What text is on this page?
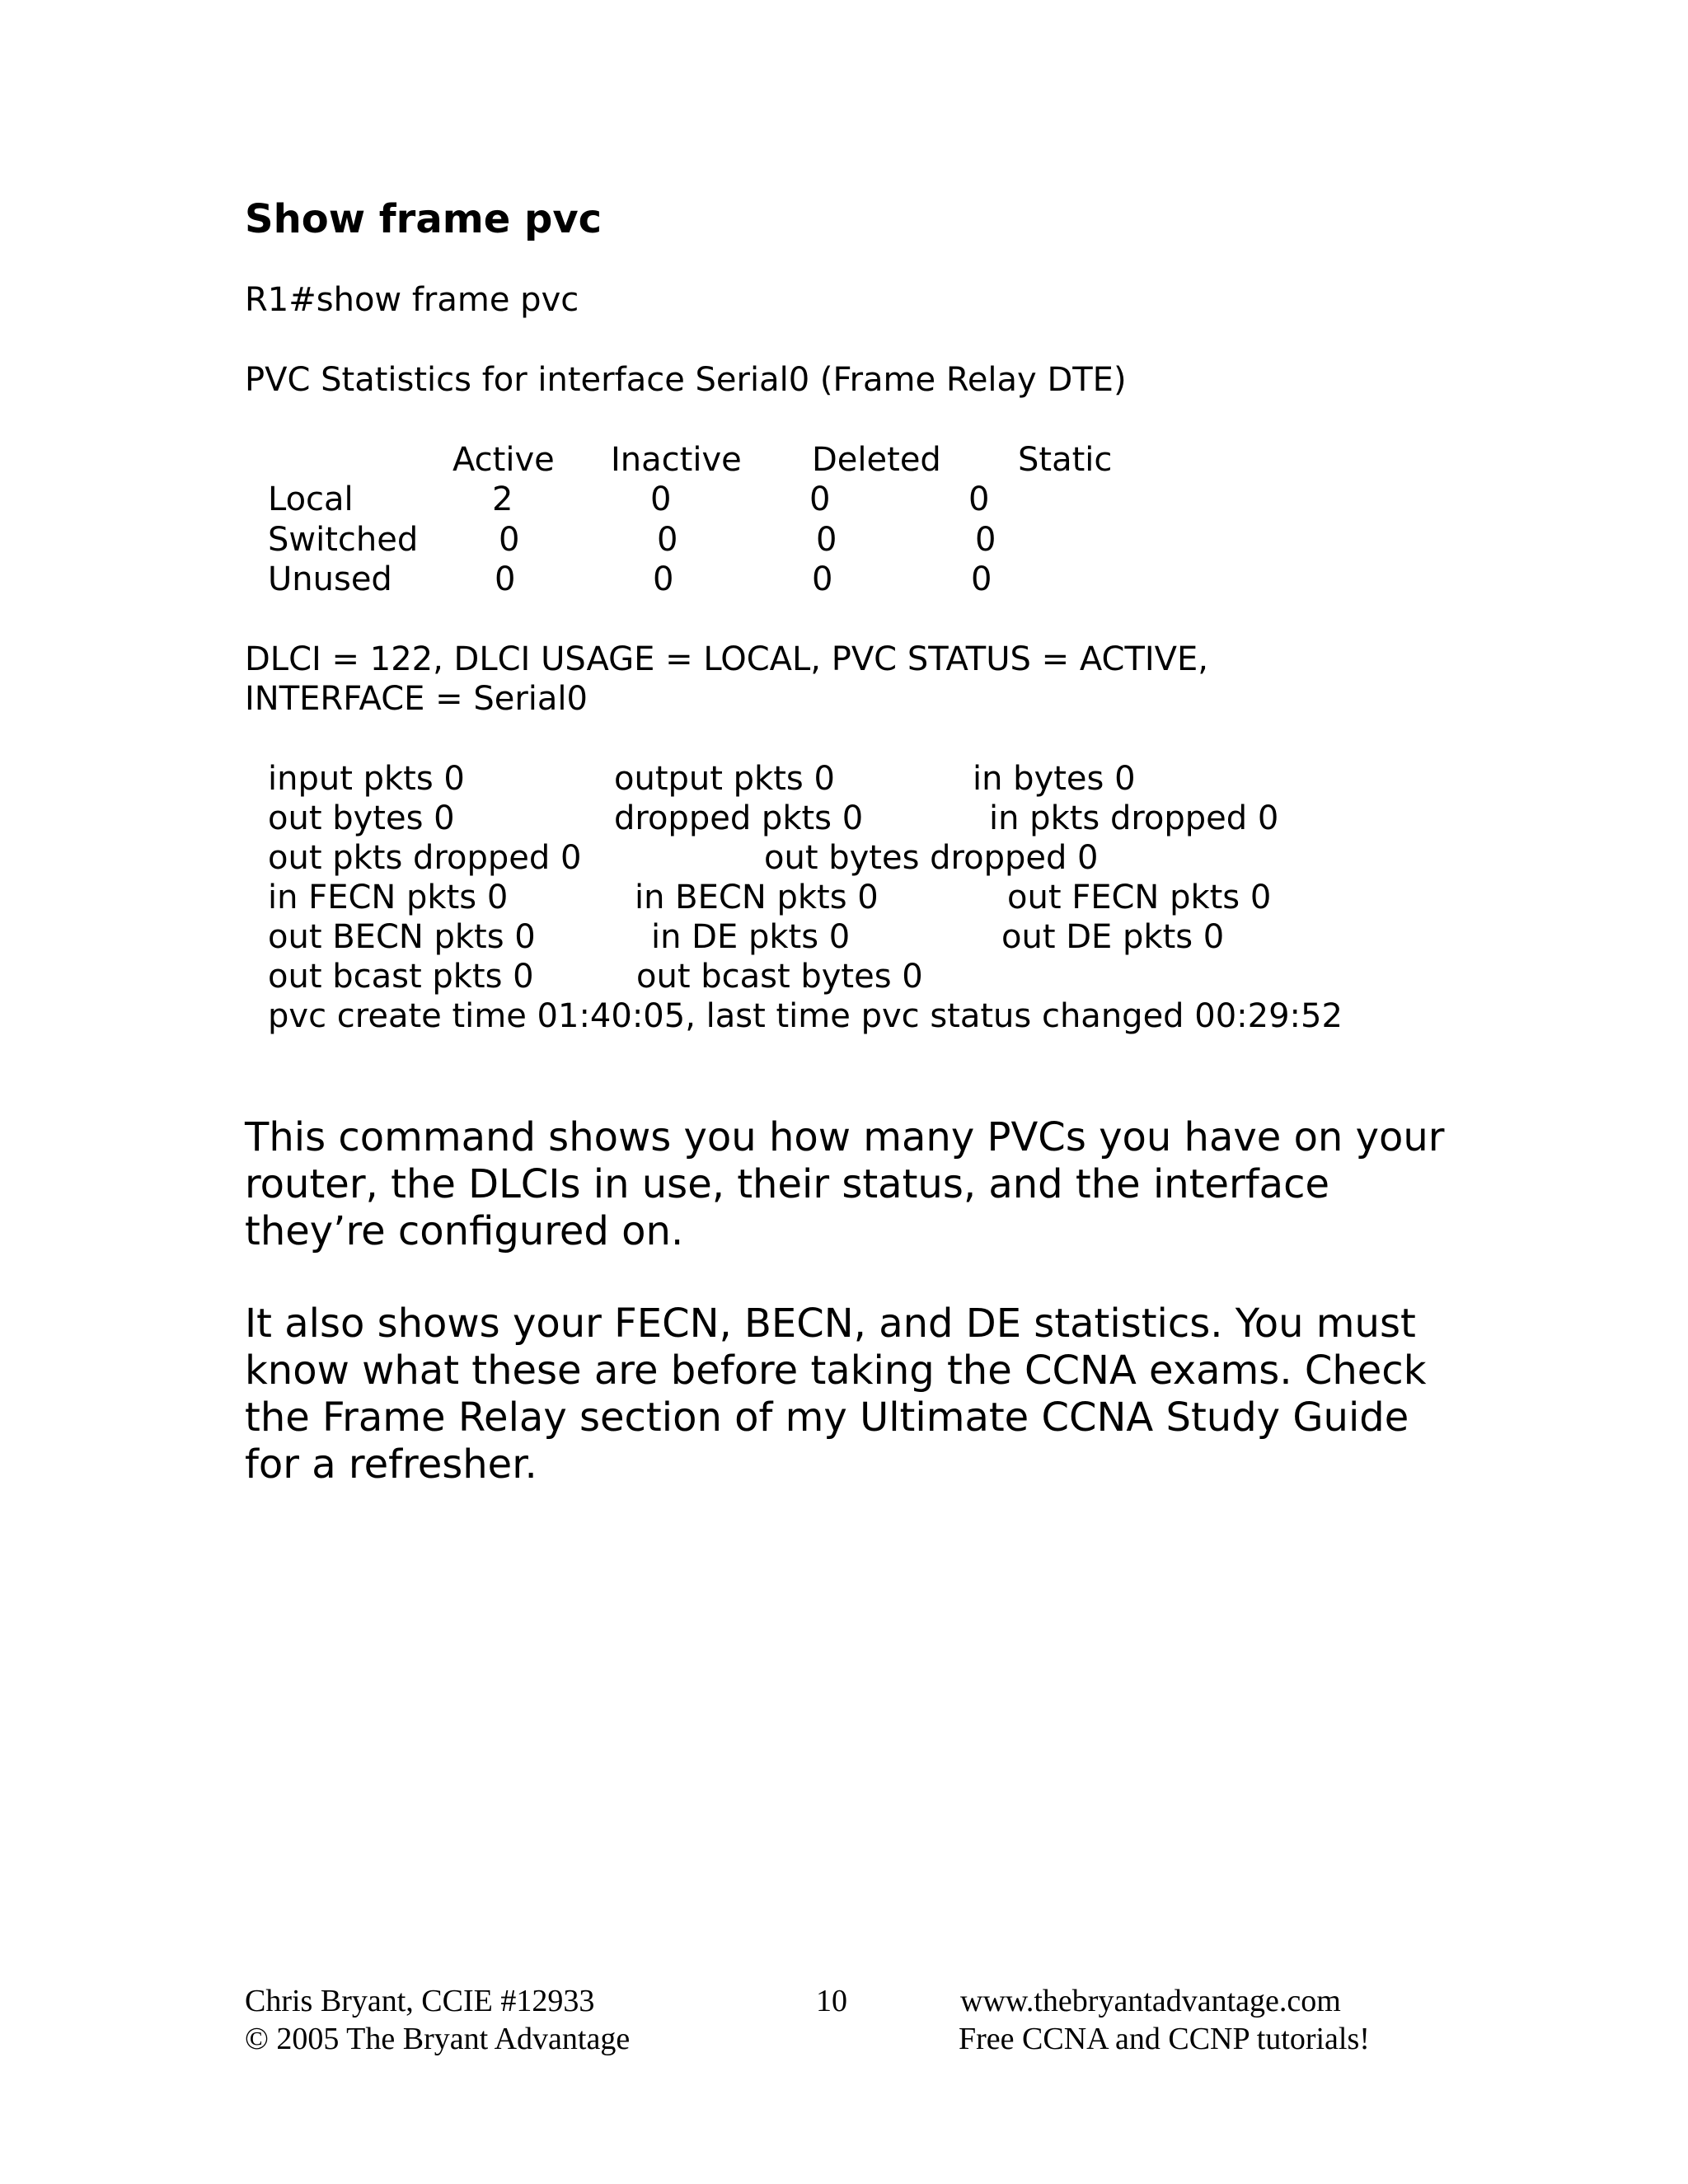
Show frame pvc
R1#show frame pvc
PVC Statistics for interface Serial0 (Frame Relay DTE)
Active Inactive Deleted Static
Local	2	0	0	0
Switched 0	0	0	0
Unused	0	0	0	0
DLCI = 122, DLCI USAGE = LOCAL, PVC STATUS = ACTIVE,
INTERFACE = Serial0
input pkts 0	output pkts 0	in bytes 0
out bytes 0	dropped pkts 0	in pkts dropped 0
out pkts dropped 0	out bytes dropped 0
in FECN pkts 0	in BECN pkts 0	out FECN pkts 0
out BECN pkts 0	in DE pkts 0	out DE pkts 0
out bcast pkts 0	out bcast bytes 0
pvc create time 01:40:05, last time pvc status changed 00:29:52
This command shows you how many PVCs you have on your
router, the DLCIs in use, their status, and the interface
they’re configured on.
It also shows your FECN, BECN, and DE statistics. You must
know what these are before taking the CCNA exams. Check
the Frame Relay section of my Ultimate CCNA Study Guide
for a refresher.
Chris Bryant, CCIE #12933
© 2005 The Bryant Advantage
10	www.thebryantadvantage.com
Free CCNA and CCNP tutorials!
